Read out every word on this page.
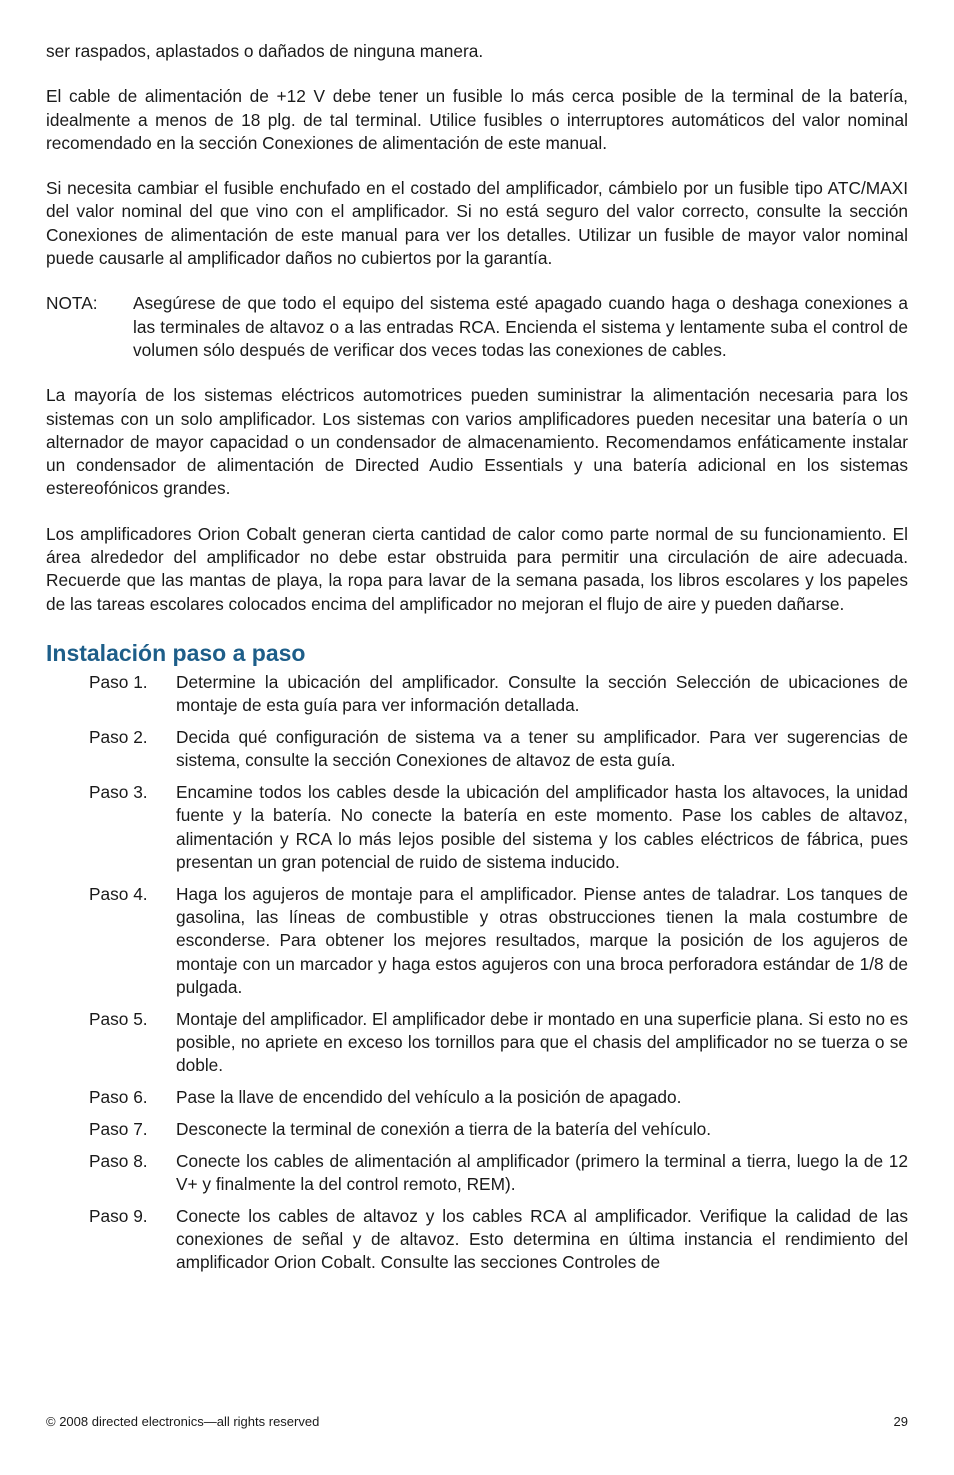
ser raspados, aplastados o dañados de ninguna manera.

El cable de alimentación de +12 V debe tener un fusible lo más cerca posible de la terminal de la batería, idealmente a menos de 18 plg. de tal terminal. Utilice fusibles o interruptores automáticos del valor nominal recomendado en la sección Conexiones de alimentación de este manual.

Si necesita cambiar el fusible enchufado en el costado del amplificador, cámbielo por un fusible tipo ATC/MAXI del valor nominal del que vino con el amplificador. Si no está seguro del valor correcto, consulte la sección Conexiones de alimentación de este manual para ver los detalles. Utilizar un fusible de mayor valor nominal puede causarle al amplificador daños no cubiertos por la garantía.

NOTA:	Asegúrese de que todo el equipo del sistema esté apagado cuando haga o deshaga conexiones a las terminales de altavoz o a las entradas RCA. Encienda el sistema y lentamente suba el control de volumen sólo después de verificar dos veces todas las conexiones de cables.

La mayoría de los sistemas eléctricos automotrices pueden suministrar la alimentación necesaria para los sistemas con un solo amplificador. Los sistemas con varios amplificadores pueden necesitar una batería o un alternador de mayor capacidad o un condensador de almacenamiento. Recomendamos enfáticamente instalar un condensador de alimentación de Directed Audio Essentials y una batería adicional en los sistemas estereofónicos grandes.

Los amplificadores Orion Cobalt generan cierta cantidad de calor como parte normal de su funcionamiento. El área alrededor del amplificador no debe estar obstruida para permitir una circulación de aire adecuada. Recuerde que las mantas de playa, la ropa para lavar de la semana pasada, los libros escolares y los papeles de las tareas escolares colocados encima del amplificador no mejoran el flujo de aire y pueden dañarse.

Instalación paso a paso
Paso 1.	Determine la ubicación del amplificador. Consulte la sección Selección de ubicaciones de montaje de esta guía para ver información detallada.
Paso 2.	Decida qué configuración de sistema va a tener su amplificador. Para ver sugerencias de sistema, consulte la sección Conexiones de altavoz de esta guía.
Paso 3.	Encamine todos los cables desde la ubicación del amplificador hasta los altavoces, la unidad fuente y la batería. No conecte la batería en este momento. Pase los cables de altavoz, alimentación y RCA lo más lejos posible del sistema y los cables eléctricos de fábrica, pues presentan un gran potencial de ruido de sistema inducido.
Paso 4.	Haga los agujeros de montaje para el amplificador. Piense antes de taladrar. Los tanques de gasolina, las líneas de combustible y otras obstrucciones tienen la mala costumbre de esconderse. Para obtener los mejores resultados, marque la posición de los agujeros de montaje con un marcador y haga estos agujeros con una broca perforadora estándar de 1/8 de pulgada.
Paso 5.	Montaje del amplificador. El amplificador debe ir montado en una superficie plana. Si esto no es posible, no apriete en exceso los tornillos para que el chasis del amplificador no se tuerza o se doble.
Paso 6.	Pase la llave de encendido del vehículo a la posición de apagado.
Paso 7.	Desconecte la terminal de conexión a tierra de la batería del vehículo.
Paso 8.	Conecte los cables de alimentación al amplificador (primero la terminal a tierra, luego la de 12 V+ y finalmente la del control remoto, REM).
Paso 9.	Conecte los cables de altavoz y los cables RCA al amplificador. Verifique la calidad de las conexiones de señal y de altavoz. Esto determina en última instancia el rendimiento del amplificador Orion Cobalt. Consulte las secciones Controles de
© 2008 directed electronics—all rights reserved	29
